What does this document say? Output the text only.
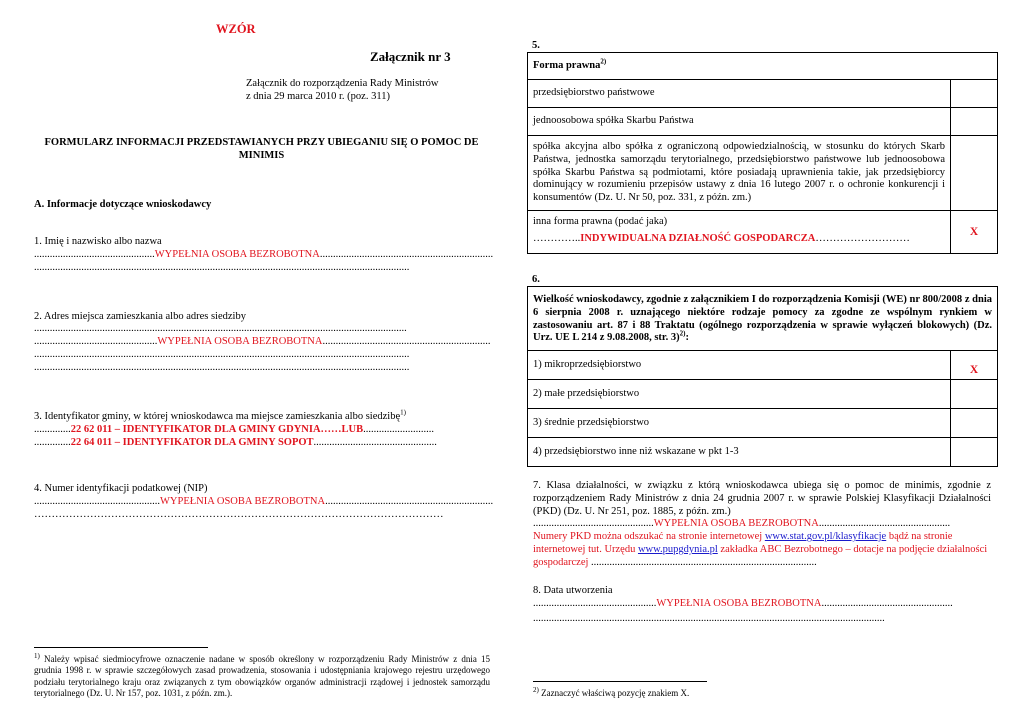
WZÓR
Załącznik nr 3
Załącznik do rozporządzenia Rady Ministrów
z dnia 29 marca 2010 r. (poz. 311)
FORMULARZ INFORMACJI PRZEDSTAWIANYCH PRZY UBIEGANIU SIĘ O POMOC DE MINIMIS
A. Informacje dotyczące wnioskodawcy
1. Imię i nazwisko albo nazwa
..............................................WYPEŁNIA OSOBA BEZROBOTNA..................................................................
...............................................................................................................................................
2. Adres miejsca zamieszkania albo adres siedziby
..............................................................................................................................................
...............................................WYPEŁNIA OSOBA BEZROBOTNA................................................................
...............................................................................................................................................
...............................................................................................................................................
3. Identyfikator gminy, w której wnioskodawca ma miejsce zamieszkania albo siedzibę$^{1)}$
..............22 62 011 – IDENTYFIKATOR DLA GMINY GDYNIA……LUB...........................
..............22 64 011 – IDENTYFIKATOR DLA GMINY SOPOT...............................................
4. Numer identyfikacji podatkowej (NIP)
................................................WYPEŁNIA OSOBA BEZROBOTNA................................................................
………………………………………………………………………………………………………
$^{1)}$ Należy wpisać siedmiocyfrowe oznaczenie nadane w sposób określony w rozporządzeniu Rady Ministrów z dnia 15 grudnia 1998 r. w sprawie szczegółowych zasad prowadzenia, stosowania i udostępniania krajowego rejestru urzędowego podziału terytorialnego kraju oraz związanych z tym obowiązków organów administracji rządowej i jednostek samorządu terytorialnego (Dz. U. Nr 157, poz. 1031, z późn. zm.).
5.
Forma prawna$^{2)}$
przedsiębiorstwo państwowe	
jednoosobowa spółka Skarbu Państwa	
spółka akcyjna albo spółka z ograniczoną odpowiedzialnością, w stosunku do których Skarb Państwa, jednostka samorządu terytorialnego, przedsiębiorstwo państwowe lub jednoosobowa spółka Skarbu Państwa są podmiotami, które posiadają uprawnienia takie, jak przedsiębiorcy dominujący w rozumieniu przepisów ustawy z dnia 16 lutego 2007 r. o ochronie konkurencji i konsumentów (Dz. U. Nr 50, poz. 331, z późn. zm.)	

inna forma prawna (podać jaka)
…………..INDYWIDUALNA DZIAŁNOŚĆ GOSPODARCZA………………………	X
6.
Wielkość wnioskodawcy, zgodnie z załącznikiem I do rozporządzenia Komisji (WE) nr 800/2008 z dnia 6 sierpnia 2008 r. uznającego niektóre rodzaje pomocy za zgodne ze wspólnym rynkiem w zastosowaniu art. 87 i 88 Traktatu (ogólnego rozporządzenia w sprawie wyłączeń blokowych) (Dz. Urz. UE L 214 z 9.08.2008, str. 3)$^{2)}$:	
1) mikroprzedsiębiorstwo	X
2) małe przedsiębiorstwo	
3) średnie przedsiębiorstwo	
4) przedsiębiorstwo inne niż wskazane w pkt 1-3	
7. Klasa działalności, w związku z którą wnioskodawca ubiega się o pomoc de minimis, zgodnie z rozporządzeniem Rady Ministrów z dnia 24 grudnia 2007 r. w sprawie Polskiej Klasyfikacji Działalności (PKD) (Dz. U. Nr 251, poz. 1885, z późn. zm.)
..............................................WYPEŁNIA OSOBA BEZROBOTNA..................................................
Numery PKD można odszukać na stronie internetowej www.stat.gov.pl/klasyfikacje bądź na stronie internetowej tut. Urzędu www.pupgdynia.pl zakładka ABC Bezrobotnego – dotacje na podjęcie działalności gospodarczej ......................................................................................
8. Data utworzenia
...............................................WYPEŁNIA OSOBA BEZROBOTNA..................................................
......................................................................................................................................
$^{2)}$ Zaznaczyć właściwą pozycję znakiem X.
